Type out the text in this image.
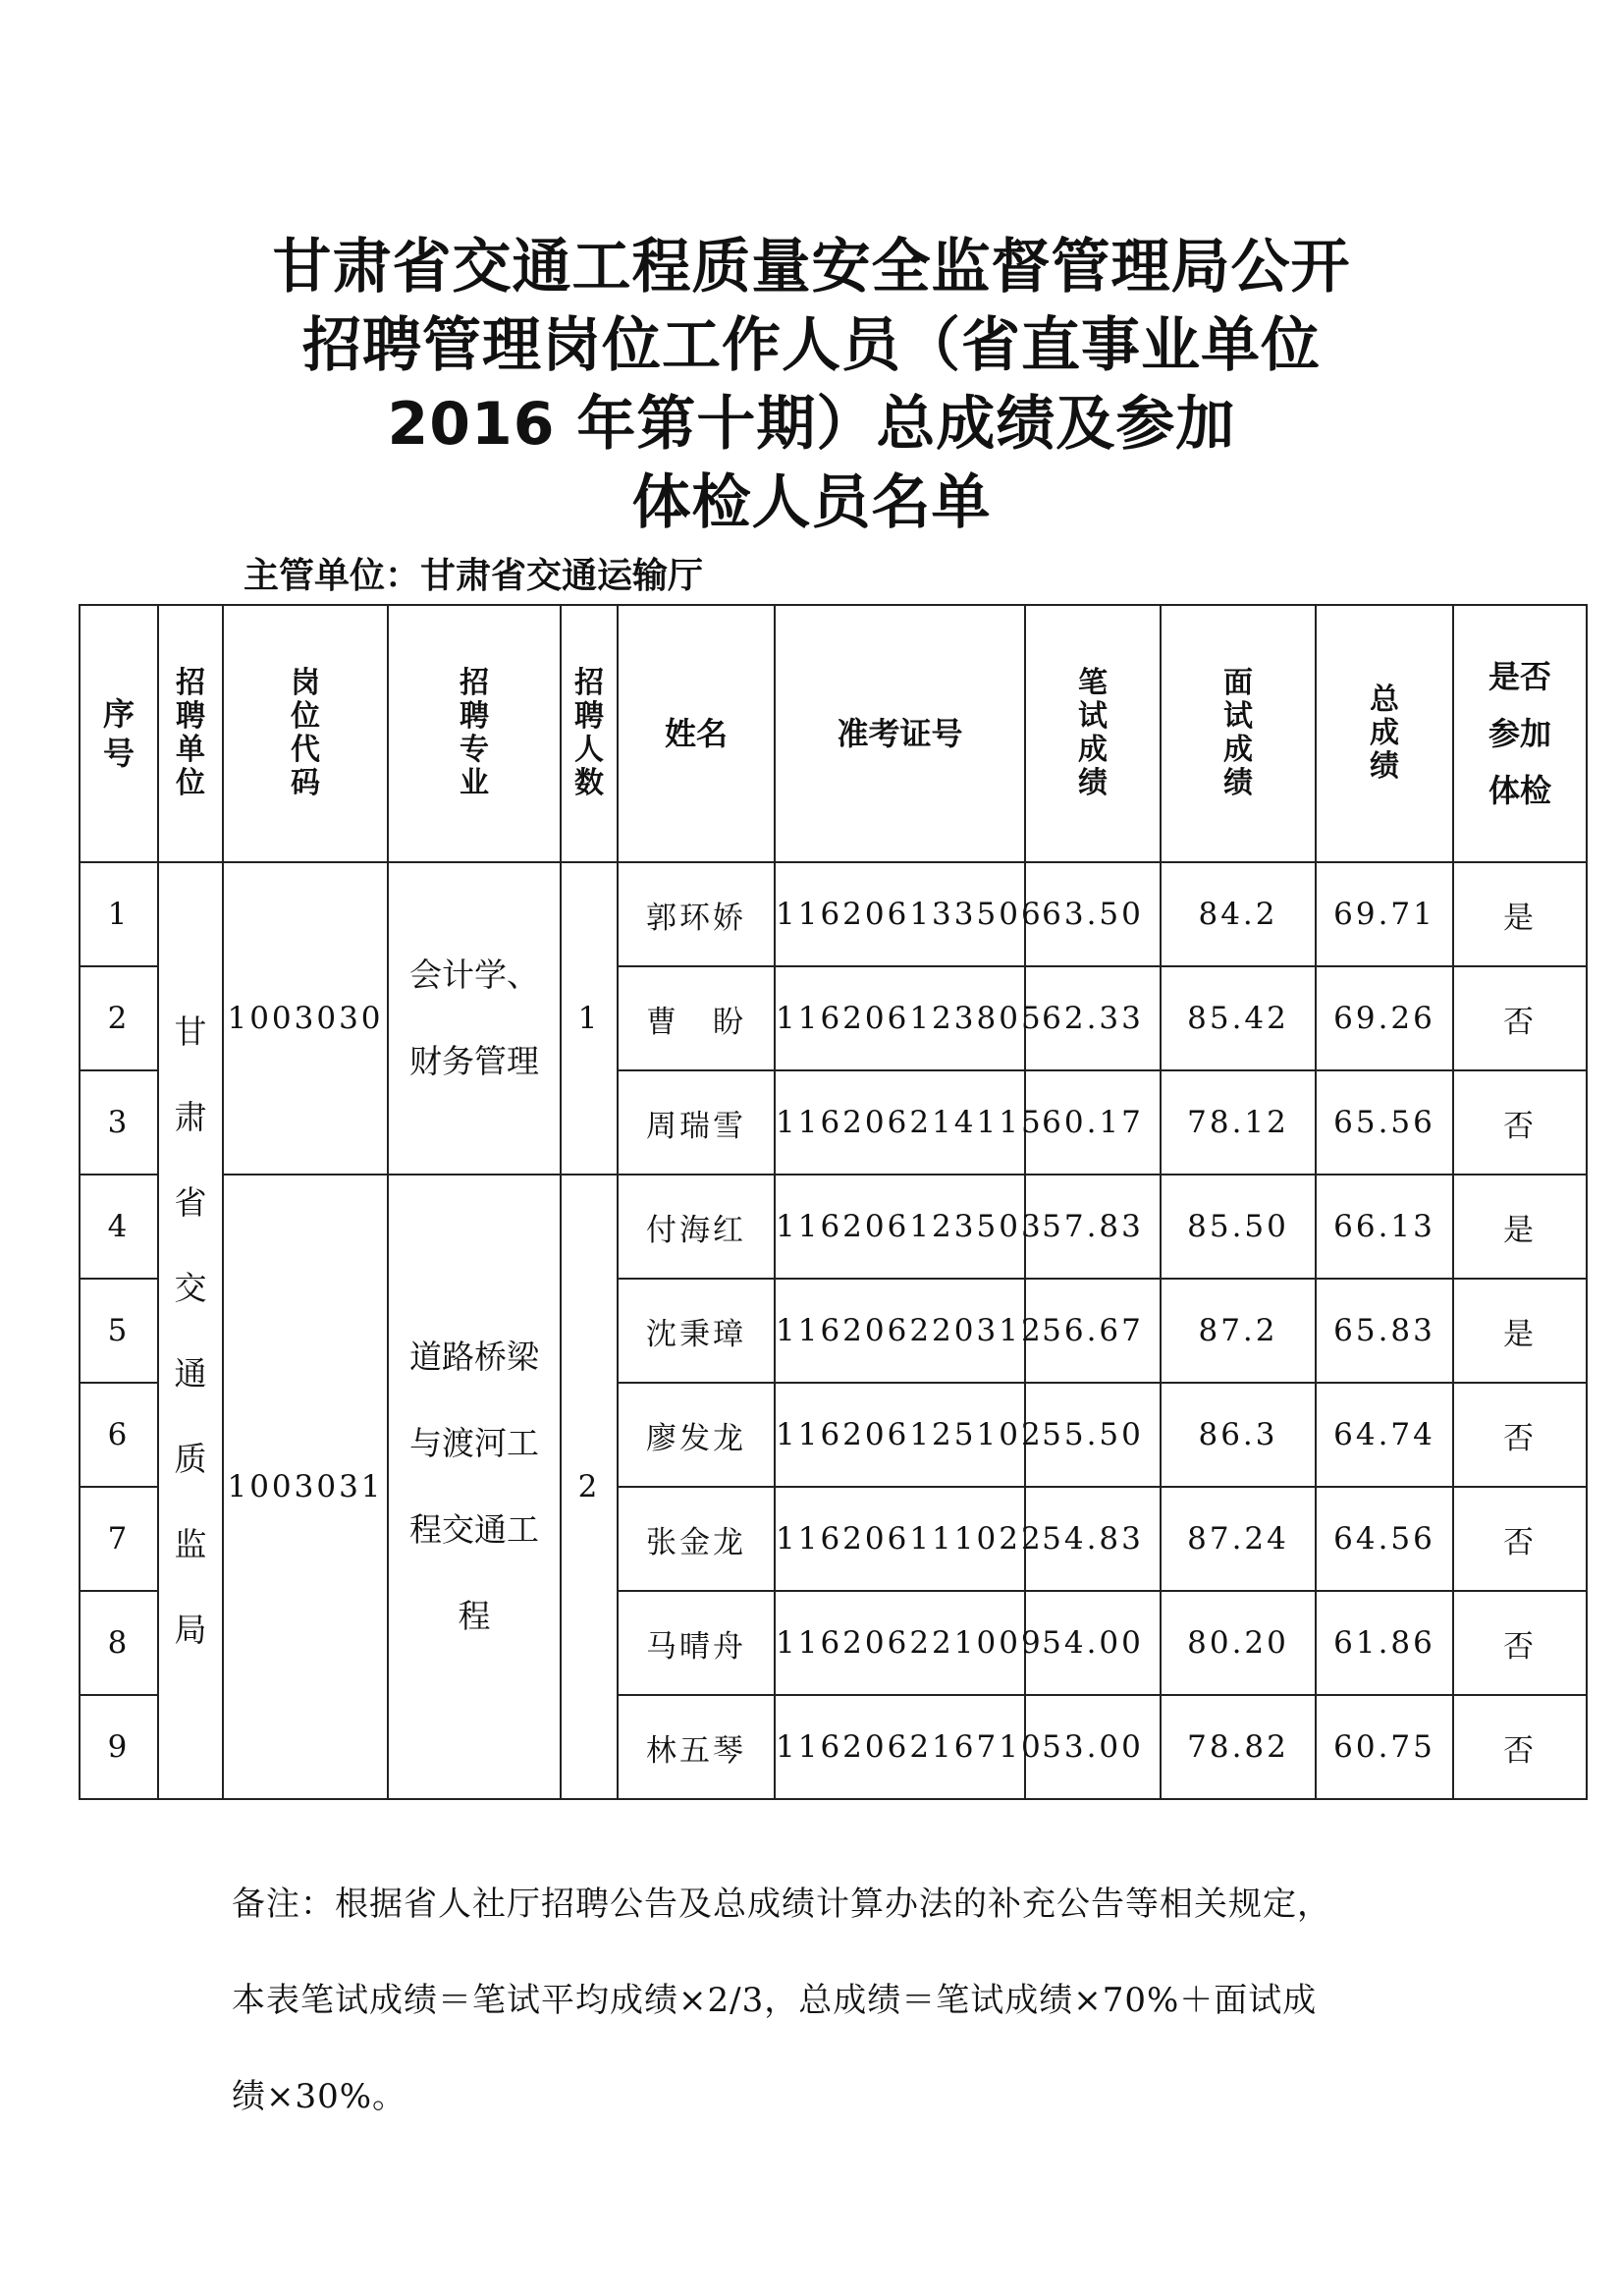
甘肃省交通工程质量安全监督管理局公开
招聘管理岗位工作人员（省直事业单位
2016 年第十期）总成绩及参加
体检人员名单
主管单位：甘肃省交通运输厅
序号	招聘单位	岗位代码	招聘专业	招聘人数	姓名	准考证号	笔试成绩	面试成绩	总成绩	是否参加体检

1	甘肃省交通质监局	1003030	会计学、财务管理	1	郭环娇	116206133506	63.50	84.2	69.71	是
2					曹　盼	116206123805	62.33	85.42	69.26	否
3					周瑞雪	116206214115	60.17	78.12	65.56	否
4		1003031	道路桥梁与渡河工程交通工程	2	付海红	116206123503	57.83	85.50	66.13	是
5					沈秉璋	116206220312	56.67	87.2	65.83	是
6					廖发龙	116206125102	55.50	86.3	64.74	否
7					张金龙	116206111022	54.83	87.24	64.56	否
8					马晴舟	116206221009	54.00	80.20	61.86	否
9					林五琴	116206216710	53.00	78.82	60.75	否
备注：根据省人社厅招聘公告及总成绩计算办法的补充公告等相关规定，
本表笔试成绩＝笔试平均成绩×2/3，总成绩＝笔试成绩×70%＋面试成
绩×30%。
